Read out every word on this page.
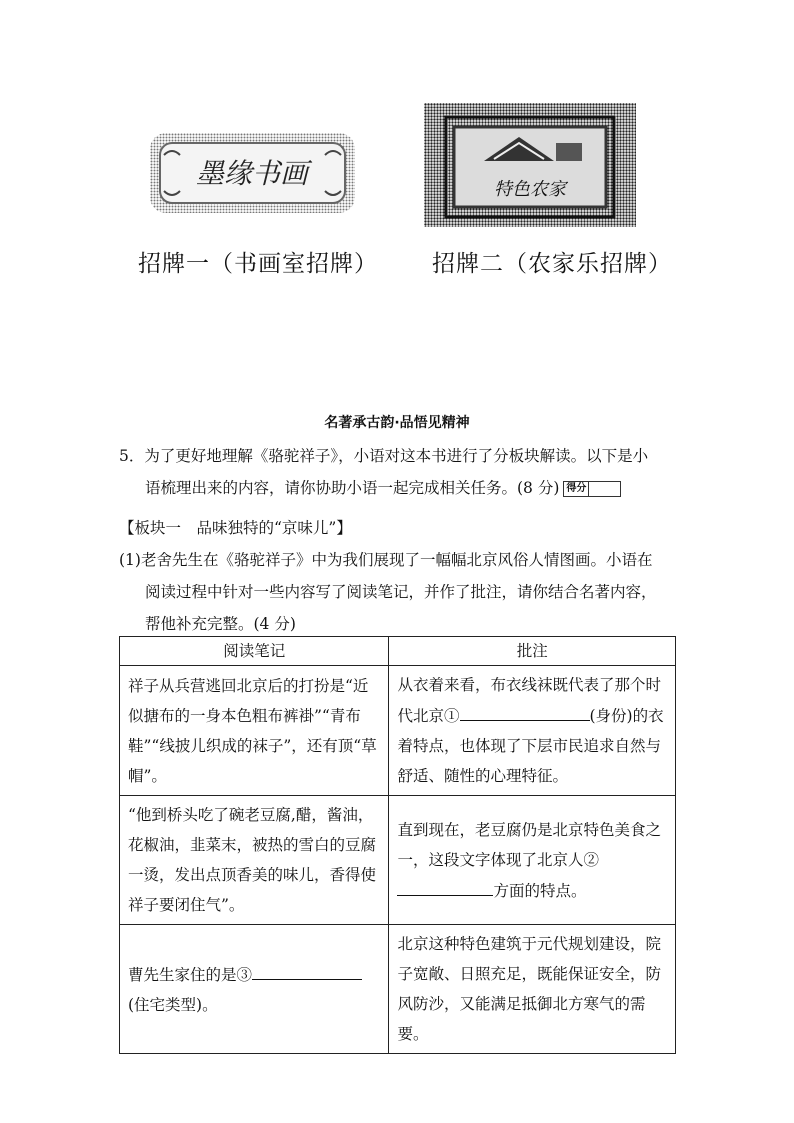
墨缘书画	特色农家
招牌一（书画室招牌） 招牌二（农家乐招牌）
名著承古韵·品悟见精神
5．为了更好地理解《骆驼祥子》，小语对这本书进行了分板块解读。以下是小
语梳理出来的内容，请你协助小语一起完成相关任务。(8 分) 得分
【板块一　品味独特的“京味儿”】
(1)老舍先生在《骆驼祥子》中为我们展现了一幅幅北京风俗人情图画。小语在
阅读过程中针对一些内容写了阅读笔记，并作了批注，请你结合名著内容，
帮他补充完整。(4 分)
阅读笔记	批注
祥子从兵营逃回北京后的打扮是“近似搪布的一身本色粗布裤褂”“青布鞋”“线披儿织成的袜子”，还有顶“草帽”。	从衣着来看，布衣线袜既代表了那个时代北京① (身份)的衣着特点，也体现了下层市民追求自然与舒适、随性的心理特征。
“他到桥头吃了碗老豆腐,醋，酱油，花椒油，韭菜末，被热的雪白的豆腐一烫，发出点顶香美的味儿，香得使祥子要闭住气”。	直到现在，老豆腐仍是北京特色美食之一，这段文字体现了北京人②方面的特点。
曹先生家住的是③(住宅类型)。	北京这种特色建筑于元代规划建设，院子宽敞、日照充足，既能保证安全，防风防沙，又能满足抵御北方寒气的需要。
